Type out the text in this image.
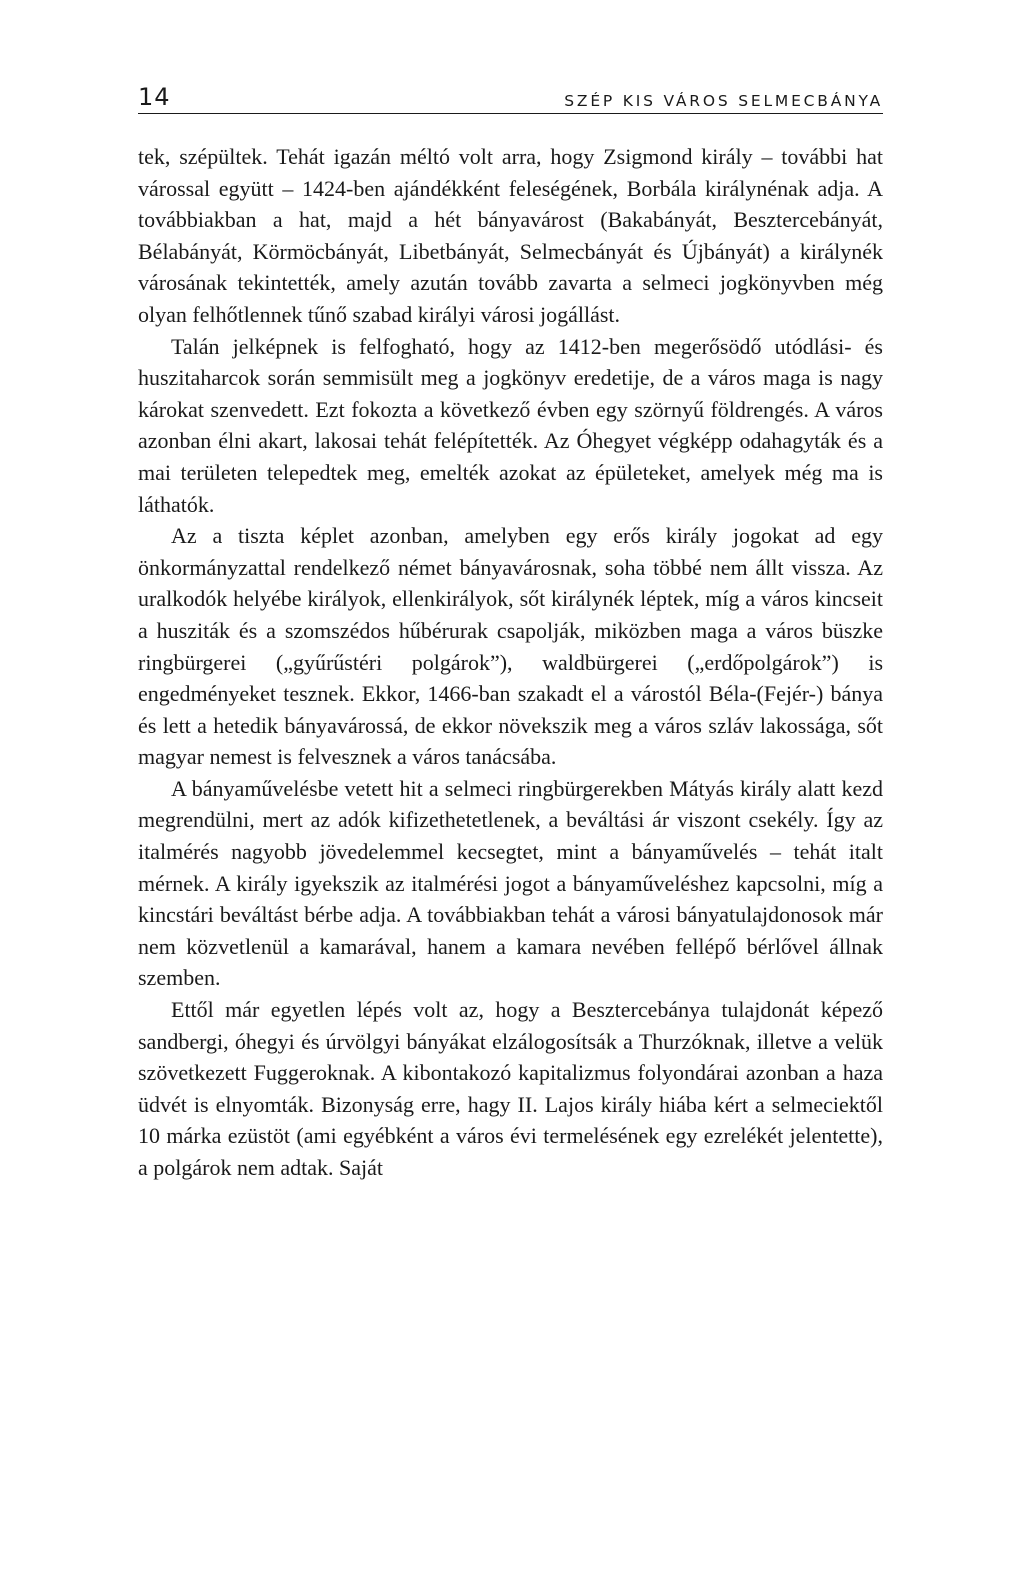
14	SZÉP KIS VÁROS SELMECBÁNYA

tek, szépültek. Tehát igazán méltó volt arra, hogy Zsigmond király – további hat várossal együtt – 1424-ben ajándékként feleségének, Borbála királynénak adja. A továbbiakban a hat, majd a hét bányavárost (Bakabányát, Besztercebányát, Bélabányát, Körmöcbányát, Libetbányát, Selmecbányát és Újbányát) a királynék városának tekintették, amely azután tovább zavarta a selmeci jogkönyvben még olyan felhőtlennek tűnő szabad királyi városi jogállást.

Talán jelképnek is felfogható, hogy az 1412-ben megerősödő utódlási- és huszitaharcok során semmisült meg a jogkönyv eredetije, de a város maga is nagy károkat szenvedett. Ezt fokozta a következő évben egy szörnyű földrengés. A város azonban élni akart, lakosai tehát felépítették. Az Óhegyet végképp odahagyták és a mai területen telepedtek meg, emelték azokat az épületeket, amelyek még ma is láthatók.

Az a tiszta képlet azonban, amelyben egy erős király jogokat ad egy önkormányzattal rendelkező német bányavárosnak, soha többé nem állt vissza. Az uralkodók helyébe királyok, ellenkirályok, sőt királynék léptek, míg a város kincseit a husziták és a szomszédos hűbérurak csapolják, miközben maga a város büszke ringbürgerei („gyűrűstéri polgárok”), waldbürgerei („erdőpolgárok”) is engedményeket tesznek. Ekkor, 1466-ban szakadt el a várostól Béla-(Fejér-) bánya és lett a hetedik bányavárossá, de ekkor növekszik meg a város szláv lakossága, sőt magyar nemest is felvesznek a város tanácsába.

A bányaművelésbe vetett hit a selmeci ringbürgerekben Mátyás király alatt kezd megrendülni, mert az adók kifizethetetlenek, a beváltási ár viszont csekély. Így az italmérés nagyobb jövedelemmel kecsegtet, mint a bányaművelés – tehát italt mérnek. A király igyekszik az italmérési jogot a bányaműveléshez kapcsolni, míg a kincstári beváltást bérbe adja. A továbbiakban tehát a városi bányatulajdonosok már nem közvetlenül a kamarával, hanem a kamara nevében fellépő bérlővel állnak szemben.

Ettől már egyetlen lépés volt az, hogy a Besztercebánya tulajdonát képező sandbergi, óhegyi és úrvölgyi bányákat elzálogosítsák a Thurzóknak, illetve a velük szövetkezett Fuggeroknak. A kibontakozó kapitalizmus folyondárai azonban a haza üdvét is elnyomták. Bizonyság erre, hagy II. Lajos király hiába kért a selmeciektől 10 márka ezüstöt (ami egyébként a város évi termelésének egy ezrelékét jelentette), a polgárok nem adtak. Saját
